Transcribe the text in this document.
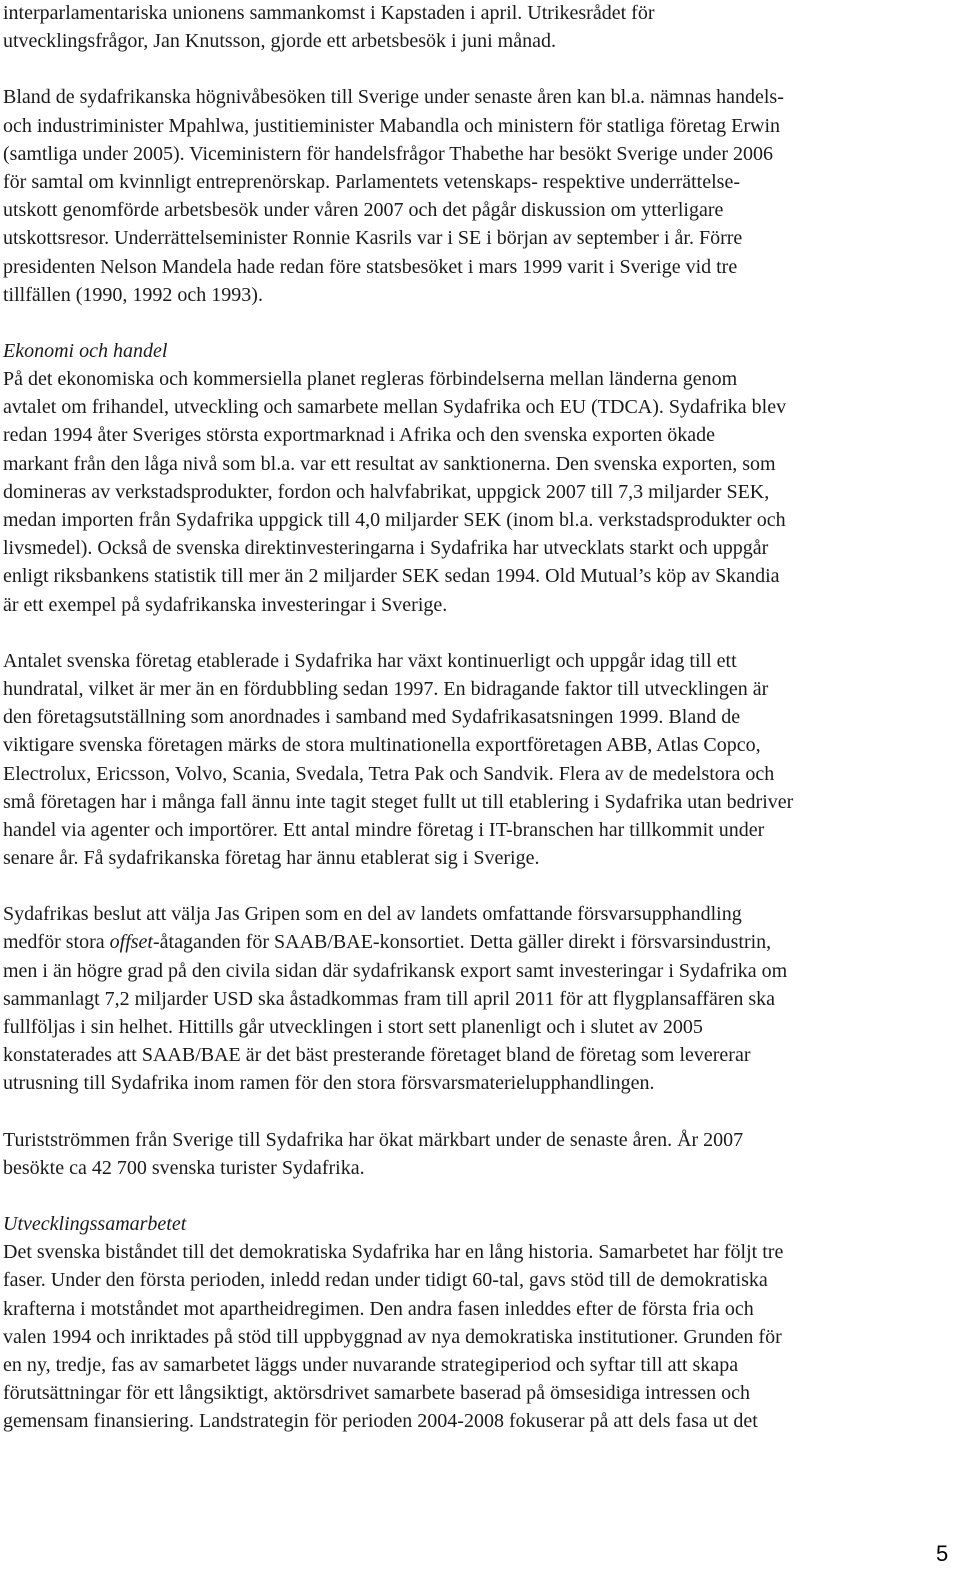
interparlamentariska unionens sammankomst i Kapstaden i april. Utrikesrådet för
utvecklingsfrågor, Jan Knutsson, gjorde ett arbetsbesök i juni månad.
Bland de sydafrikanska högnivåbesöken till Sverige under senaste åren kan bl.a. nämnas handels-
och industriminister Mpahlwa, justitieminister Mabandla och ministern för statliga företag Erwin
(samtliga under 2005). Viceministern för handelsfrågor Thabethe har besökt Sverige under 2006
för samtal om kvinnligt entreprenörskap. Parlamentets vetenskaps- respektive underrättelse-
utskott genomförde arbetsbesök under våren 2007 och det pågår diskussion om ytterligare
utskottsresor. Underrättelseminister Ronnie Kasrils var i SE i början av september i år. Förre
presidenten Nelson Mandela hade redan före statsbesöket i mars 1999 varit i Sverige vid tre
tillfällen (1990, 1992 och 1993).
Ekonomi och handel
På det ekonomiska och kommersiella planet regleras förbindelserna mellan länderna genom
avtalet om frihandel, utveckling och samarbete mellan Sydafrika och EU (TDCA). Sydafrika blev
redan 1994 åter Sveriges största exportmarknad i Afrika och den svenska exporten ökade
markant från den låga nivå som bl.a. var ett resultat av sanktionerna. Den svenska exporten, som
domineras av verkstadsprodukter, fordon och halvfabrikat, uppgick 2007 till 7,3 miljarder SEK,
medan importen från Sydafrika uppgick till 4,0 miljarder SEK (inom bl.a. verkstadsprodukter och
livsmedel). Också de svenska direktinvesteringarna i Sydafrika har utvecklats starkt och uppgår
enligt riksbankens statistik till mer än 2 miljarder SEK sedan 1994. Old Mutual’s köp av Skandia
är ett exempel på sydafrikanska investeringar i Sverige.
Antalet svenska företag etablerade i Sydafrika har växt kontinuerligt och uppgår idag till ett
hundratal, vilket är mer än en fördubbling sedan 1997. En bidragande faktor till utvecklingen är
den företagsutställning som anordnades i samband med Sydafrikasatsningen 1999. Bland de
viktigare svenska företagen märks de stora multinationella exportföretagen ABB, Atlas Copco,
Electrolux, Ericsson, Volvo, Scania, Svedala, Tetra Pak och Sandvik. Flera av de medelstora och
små företagen har i många fall ännu inte tagit steget fullt ut till etablering i Sydafrika utan bedriver
handel via agenter och importörer. Ett antal mindre företag i IT-branschen har tillkommit under
senare år. Få sydafrikanska företag har ännu etablerat sig i Sverige.
Sydafrikas beslut att välja Jas Gripen som en del av landets omfattande försvarsupphandling
medför stora offset-åtaganden för SAAB/BAE-konsortiet. Detta gäller direkt i försvarsindustrin,
men i än högre grad på den civila sidan där sydafrikansk export samt investeringar i Sydafrika om
sammanlagt 7,2 miljarder USD ska åstadkommas fram till april 2011 för att flygplansaffären ska
fullföljas i sin helhet. Hittills går utvecklingen i stort sett planenligt och i slutet av 2005
konstaterades att SAAB/BAE är det bäst presterande företaget bland de företag som levererar
utrusning till Sydafrika inom ramen för den stora försvarsmaterielupphandlingen.
Turistströmmen från Sverige till Sydafrika har ökat märkbart under de senaste åren. År 2007
besökte ca 42 700 svenska turister Sydafrika.
Utvecklingssamarbetet
Det svenska biståndet till det demokratiska Sydafrika har en lång historia. Samarbetet har följt tre
faser. Under den första perioden, inledd redan under tidigt 60-tal, gavs stöd till de demokratiska
krafterna i motståndet mot apartheidregimen. Den andra fasen inleddes efter de första fria och
valen 1994 och inriktades på stöd till uppbyggnad av nya demokratiska institutioner. Grunden för
en ny, tredje, fas av samarbetet läggs under nuvarande strategiperiod och syftar till att skapa
förutsättningar för ett långsiktigt, aktörsdrivet samarbete baserad på ömsesidiga intressen och
gemensam finansiering. Landstrategin för perioden 2004-2008 fokuserar på att dels fasa ut det
5
